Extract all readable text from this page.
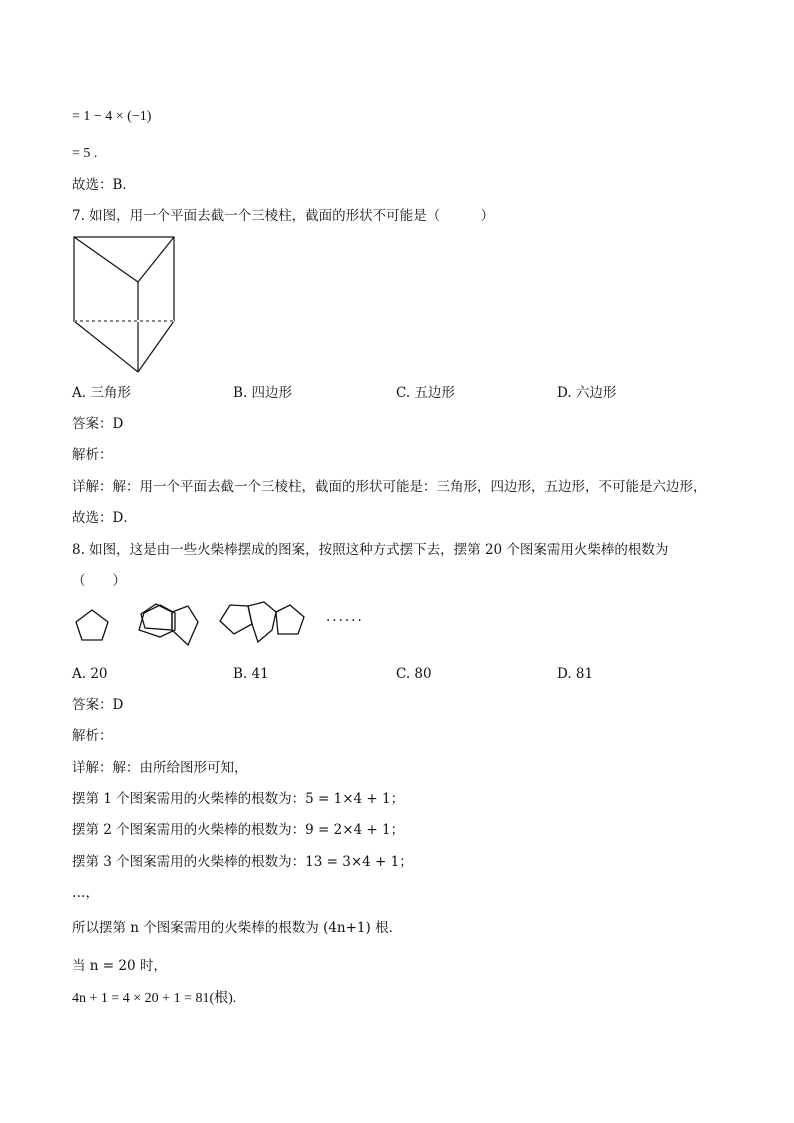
= 1 − 4 × (−1)
= 5 .
故选：B．
7. 如图，用一个平面去截一个三棱柱，截面的形状不可能是（　　　）
A. 三角形	B. 四边形	C. 五边形	D. 六边形
答案：D
解析：
详解：解：用一个平面去截一个三棱柱，截面的形状可能是：三角形，四边形，五边形，不可能是六边形，
故选：D．
8. 如图，这是由一些火柴棒摆成的图案，按照这种方式摆下去，摆第 20 个图案需用火柴棒的根数为
（　　）
······
A. 20	B. 41	C. 80	D. 81
答案：D
解析：
详解：解：由所给图形可知，
摆第 1 个图案需用的火柴棒的根数为：5 = 1×4 + 1；
摆第 2 个图案需用的火柴棒的根数为：9 = 2×4 + 1；
摆第 3 个图案需用的火柴棒的根数为：13 = 3×4 + 1；
…，
所以摆第 n 个图案需用的火柴棒的根数为 (4n+1) 根．
当 n = 20 时，
4n + 1 = 4 × 20 + 1 = 81(根).
